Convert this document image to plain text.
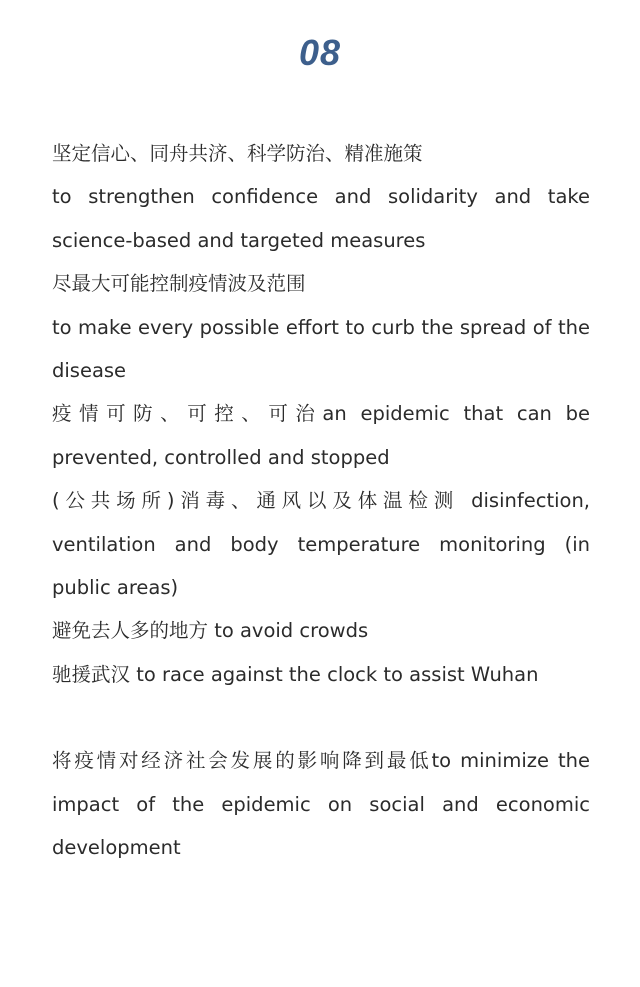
08

坚定信心、同舟共济、科学防治、精准施策

to strengthen confidence and solidarity and take science-based and targeted measures

尽最大可能控制疫情波及范围

to make every possible effort to curb the spread of the disease

疫情可防、可控、可治an epidemic that can be prevented, controlled and stopped

(公共场所)消毒、通风以及体温检测 disinfection, ventilation and body temperature monitoring (in public areas)

避免去人多的地方 to avoid crowds

驰援武汉 to race against the clock to assist Wuhan

将疫情对经济社会发展的影响降到最低to minimize the impact of the epidemic on social and economic development
